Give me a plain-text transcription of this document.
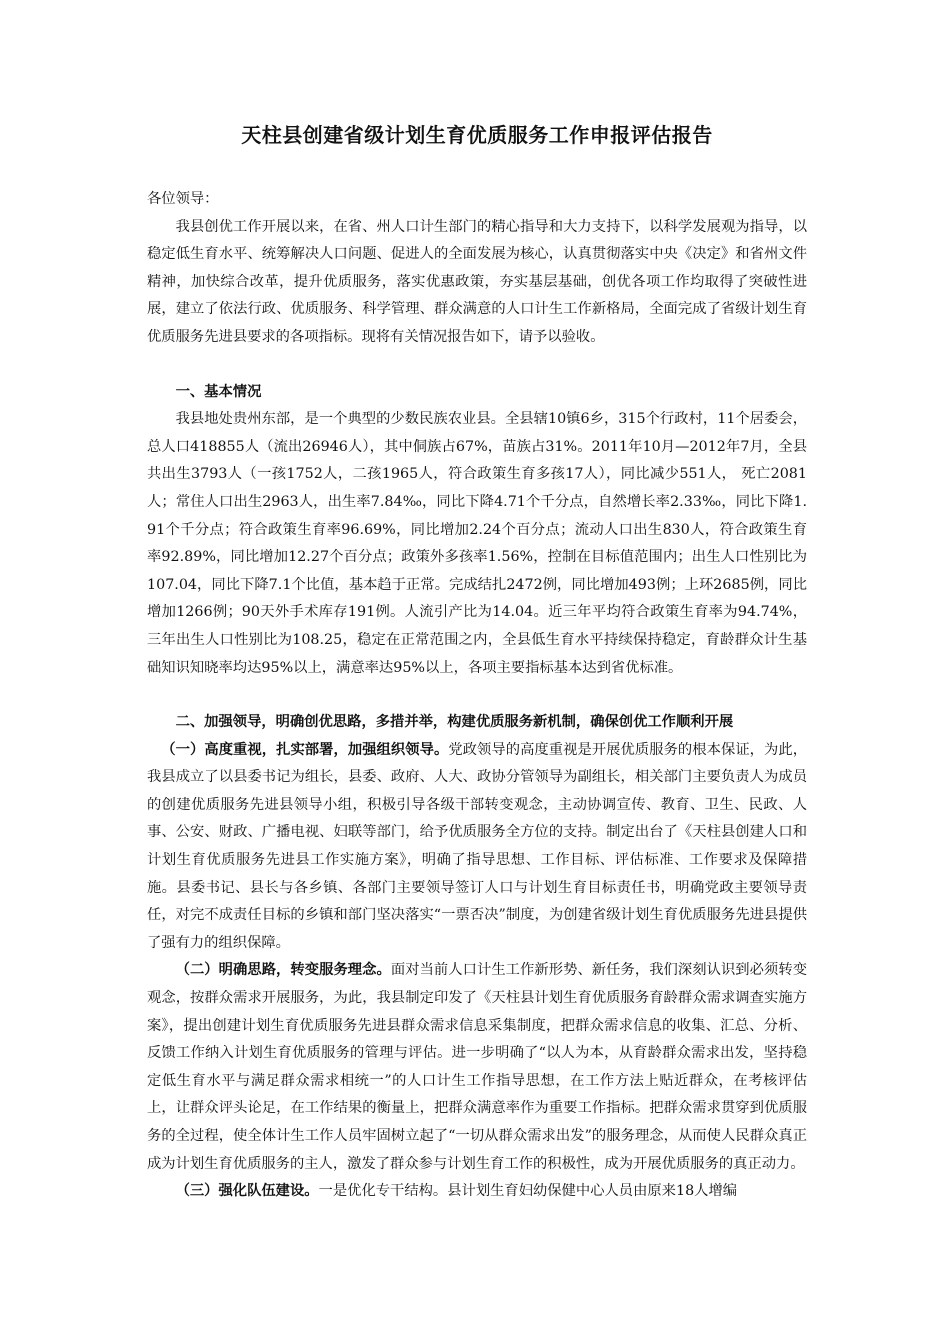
天柱县创建省级计划生育优质服务工作申报评估报告

各位领导：

我县创优工作开展以来，在省、州人口计生部门的精心指导和大力支持下，以科学发展观为指导，以稳定低生育水平、统筹解决人口问题、促进人的全面发展为核心，认真贯彻落实中央《决定》和省州文件精神，加快综合改革，提升优质服务，落实优惠政策，夯实基层基础，创优各项工作均取得了突破性进展，建立了依法行政、优质服务、科学管理、群众满意的人口计生工作新格局，全面完成了省级计划生育优质服务先进县要求的各项指标。现将有关情况报告如下，请予以验收。

一、基本情况

我县地处贵州东部，是一个典型的少数民族农业县。全县辖10镇6乡，315个行政村，11个居委会，总人口418855人（流出26946人），其中侗族占67%，苗族占31%。2011年10月—2012年7月，全县共出生3793人（一孩1752人，二孩1965人，符合政策生育多孩17人），同比减少551人， 死亡2081人；常住人口出生2963人，出生率7.84‰，同比下降4.71个千分点，自然增长率2.33‰，同比下降1.91个千分点；符合政策生育率96.69%，同比增加2.24个百分点；流动人口出生830人，符合政策生育率92.89%，同比增加12.27个百分点；政策外多孩率1.56%，控制在目标值范围内；出生人口性别比为107.04，同比下降7.1个比值，基本趋于正常。完成结扎2472例，同比增加493例；上环2685例，同比增加1266例；90天外手术库存191例。人流引产比为14.04。近三年平均符合政策生育率为94.74%，三年出生人口性别比为108.25，稳定在正常范围之内，全县低生育水平持续保持稳定，育龄群众计生基础知识知晓率均达95%以上，满意率达95%以上，各项主要指标基本达到省优标准。

二、加强领导，明确创优思路，多措并举，构建优质服务新机制，确保创优工作顺利开展

（一）高度重视，扎实部署，加强组织领导。党政领导的高度重视是开展优质服务的根本保证，为此，我县成立了以县委书记为组长，县委、政府、人大、政协分管领导为副组长，相关部门主要负责人为成员的创建优质服务先进县领导小组，积极引导各级干部转变观念，主动协调宣传、教育、卫生、民政、人事、公安、财政、广播电视、妇联等部门，给予优质服务全方位的支持。制定出台了《天柱县创建人口和计划生育优质服务先进县工作实施方案》，明确了指导思想、工作目标、评估标准、工作要求及保障措施。县委书记、县长与各乡镇、各部门主要领导签订人口与计划生育目标责任书，明确党政主要领导责任，对完不成责任目标的乡镇和部门坚决落实“一票否决”制度，为创建省级计划生育优质服务先进县提供了强有力的组织保障。

（二）明确思路，转变服务理念。面对当前人口计生工作新形势、新任务，我们深刻认识到必须转变观念，按群众需求开展服务，为此，我县制定印发了《天柱县计划生育优质服务育龄群众需求调查实施方案》，提出创建计划生育优质服务先进县群众需求信息采集制度，把群众需求信息的收集、汇总、分析、反馈工作纳入计划生育优质服务的管理与评估。进一步明确了“以人为本，从育龄群众需求出发，坚持稳定低生育水平与满足群众需求相统一”的人口计生工作指导思想，在工作方法上贴近群众，在考核评估上，让群众评头论足，在工作结果的衡量上，把群众满意率作为重要工作指标。把群众需求贯穿到优质服务的全过程，使全体计生工作人员牢固树立起了“一切从群众需求出发”的服务理念，从而使人民群众真正成为计划生育优质服务的主人，激发了群众参与计划生育工作的积极性，成为开展优质服务的真正动力。

（三）强化队伍建设。一是优化专干结构。县计划生育妇幼保健中心人员由原来18人增编
